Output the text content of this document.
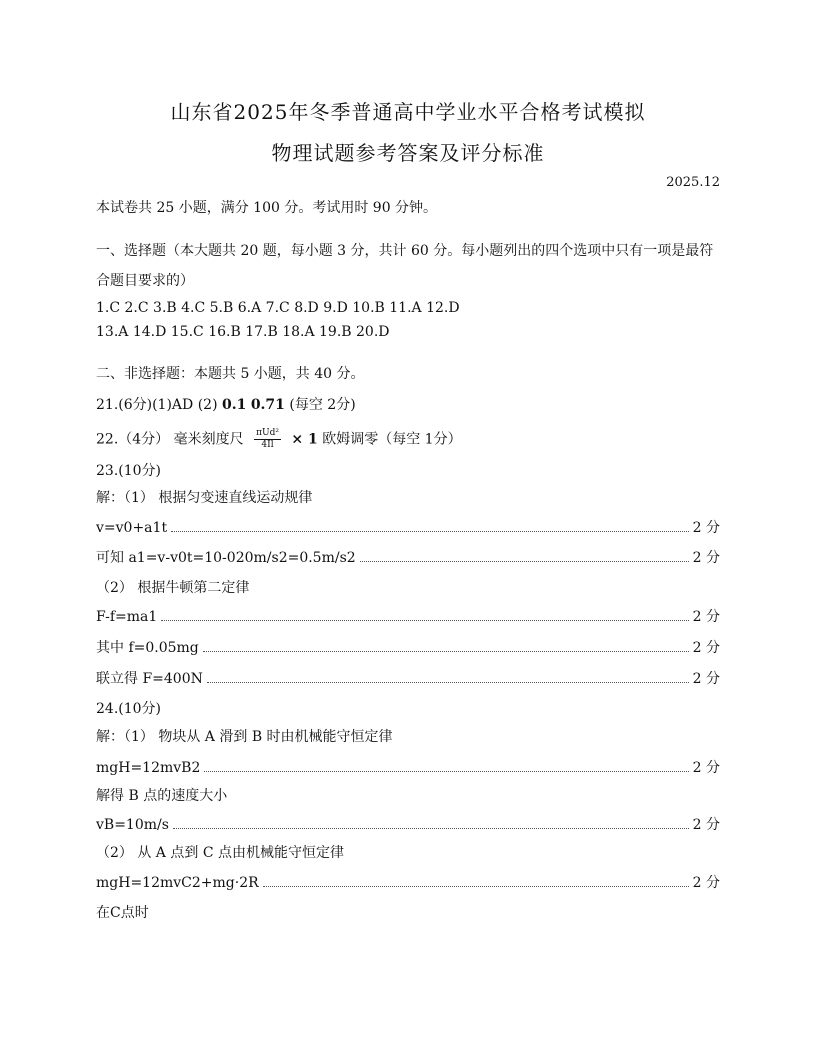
山东省2025年冬季普通高中学业水平合格考试模拟
物理试题参考答案及评分标准
2025.12
本试卷共 25 小题，满分 100 分。考试用时 90 分钟。
一、选择题（本大题共 20 题，每小题 3 分，共计 60 分。每小题列出的四个选项中只有一项是最符合题目要求的）
1.C 2.C 3.B 4.C 5.B 6.A 7.C 8.D 9.D 10.B 11.A 12.D
13.A 14.D 15.C 16.B 17.B 18.A 19.B 20.D
二、非选择题：本题共 5 小题，共 40 分。
21.(6分)(1)AD (2) 0.1 0.71 (每空 2分)
22.（4分） 毫米刻度尺 $\frac{\text{πUd²}}{4Il} \times 1$ 欧姆调零（每空 1分）
23.(10分)
解：（1） 根据匀变速直线运动规律
v=v0+a1t	2 分
可知 a1=v-v0t=10-020m/s2=0.5m/s2	2 分
（2） 根据牛顿第二定律
F-f=ma1	2 分
其中 f=0.05mg	2 分
联立得 F=400N	2 分
24.(10分)
解：（1） 物块从 A 滑到 B 时由机械能守恒定律
mgH=12mvB2	2 分
解得 B 点的速度大小
vB=10m/s	2 分
（2） 从 A 点到 C 点由机械能守恒定律
mgH=12mvC2+mg·2R	2 分
在C点时
